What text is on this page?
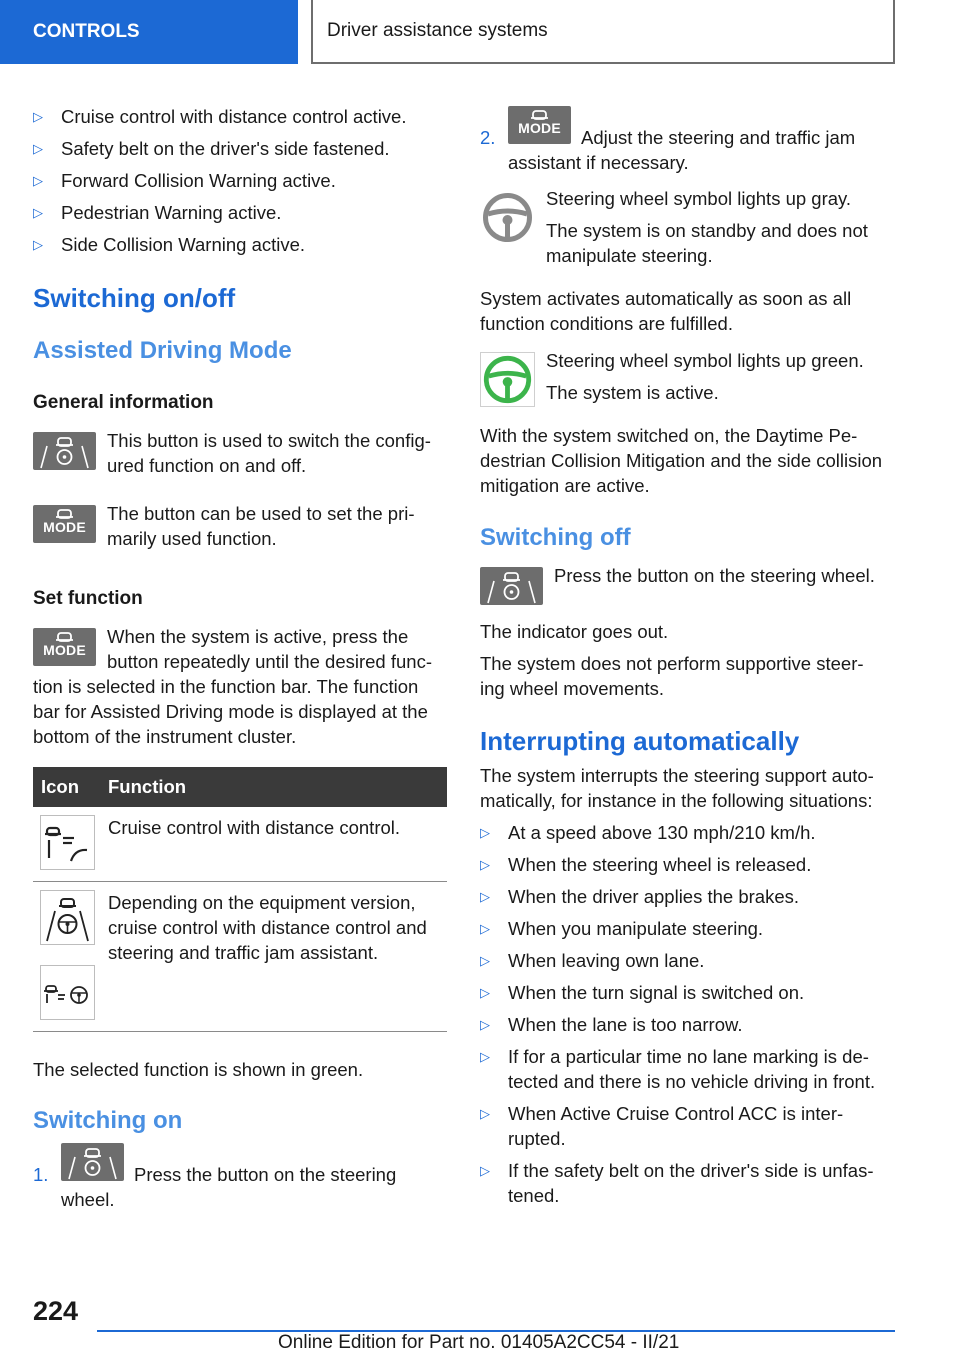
CONTROLS	Driver assistance systems
▷ Cruise control with distance control active.
▷ Safety belt on the driver's side fastened.
▷ Forward Collision Warning active.
▷ Pedestrian Warning active.
▷ Side Collision Warning active.
Switching on/off
Assisted Driving Mode
General information

This button is used to switch the config-

ured function on and off.

MODE

The button can be used to set the pri-

marily used function.

Set function
MODE

When the system is active, press the

button repeatedly until the desired func-

tion is selected in the function bar. The function

bar for Assisted Driving mode is displayed at the

bottom of the instrument cluster.

Icon Function

Cruise control with distance control.

Depending on the equipment version,

cruise control with distance control and

steering and traffic jam assistant.

The selected function is shown in green.

Switching on
1.	Press the button on the steering

wheel.

2.	MODE	Adjust the steering and traffic jam

assistant if necessary.

Steering wheel symbol lights up gray.

The system is on standby and does not

manipulate steering.

System activates automatically as soon as all

function conditions are fulfilled.

Steering wheel symbol lights up green.

The system is active.

With the system switched on, the Daytime Pe-

destrian Collision Mitigation and the side collision

mitigation are active.

Switching off

Press the button on the steering wheel.

The indicator goes out.

The system does not perform supportive steer-

ing wheel movements.

Interrupting automatically

The system interrupts the steering support auto-

matically, for instance in the following situations:

▷ At a speed above 130 mph/210 km/h.
▷ When the steering wheel is released.
▷ When the driver applies the brakes.
▷ When you manipulate steering.
▷ When leaving own lane.
▷ When the turn signal is switched on.
▷ When the lane is too narrow.
▷ If for a particular time no lane marking is de-
tected and there is no vehicle driving in front.
▷ When Active Cruise Control ACC is inter-
rupted.
▷ If the safety belt on the driver's side is unfas-
tened.
224
Online Edition for Part no. 01405A2CC54 - II/21
